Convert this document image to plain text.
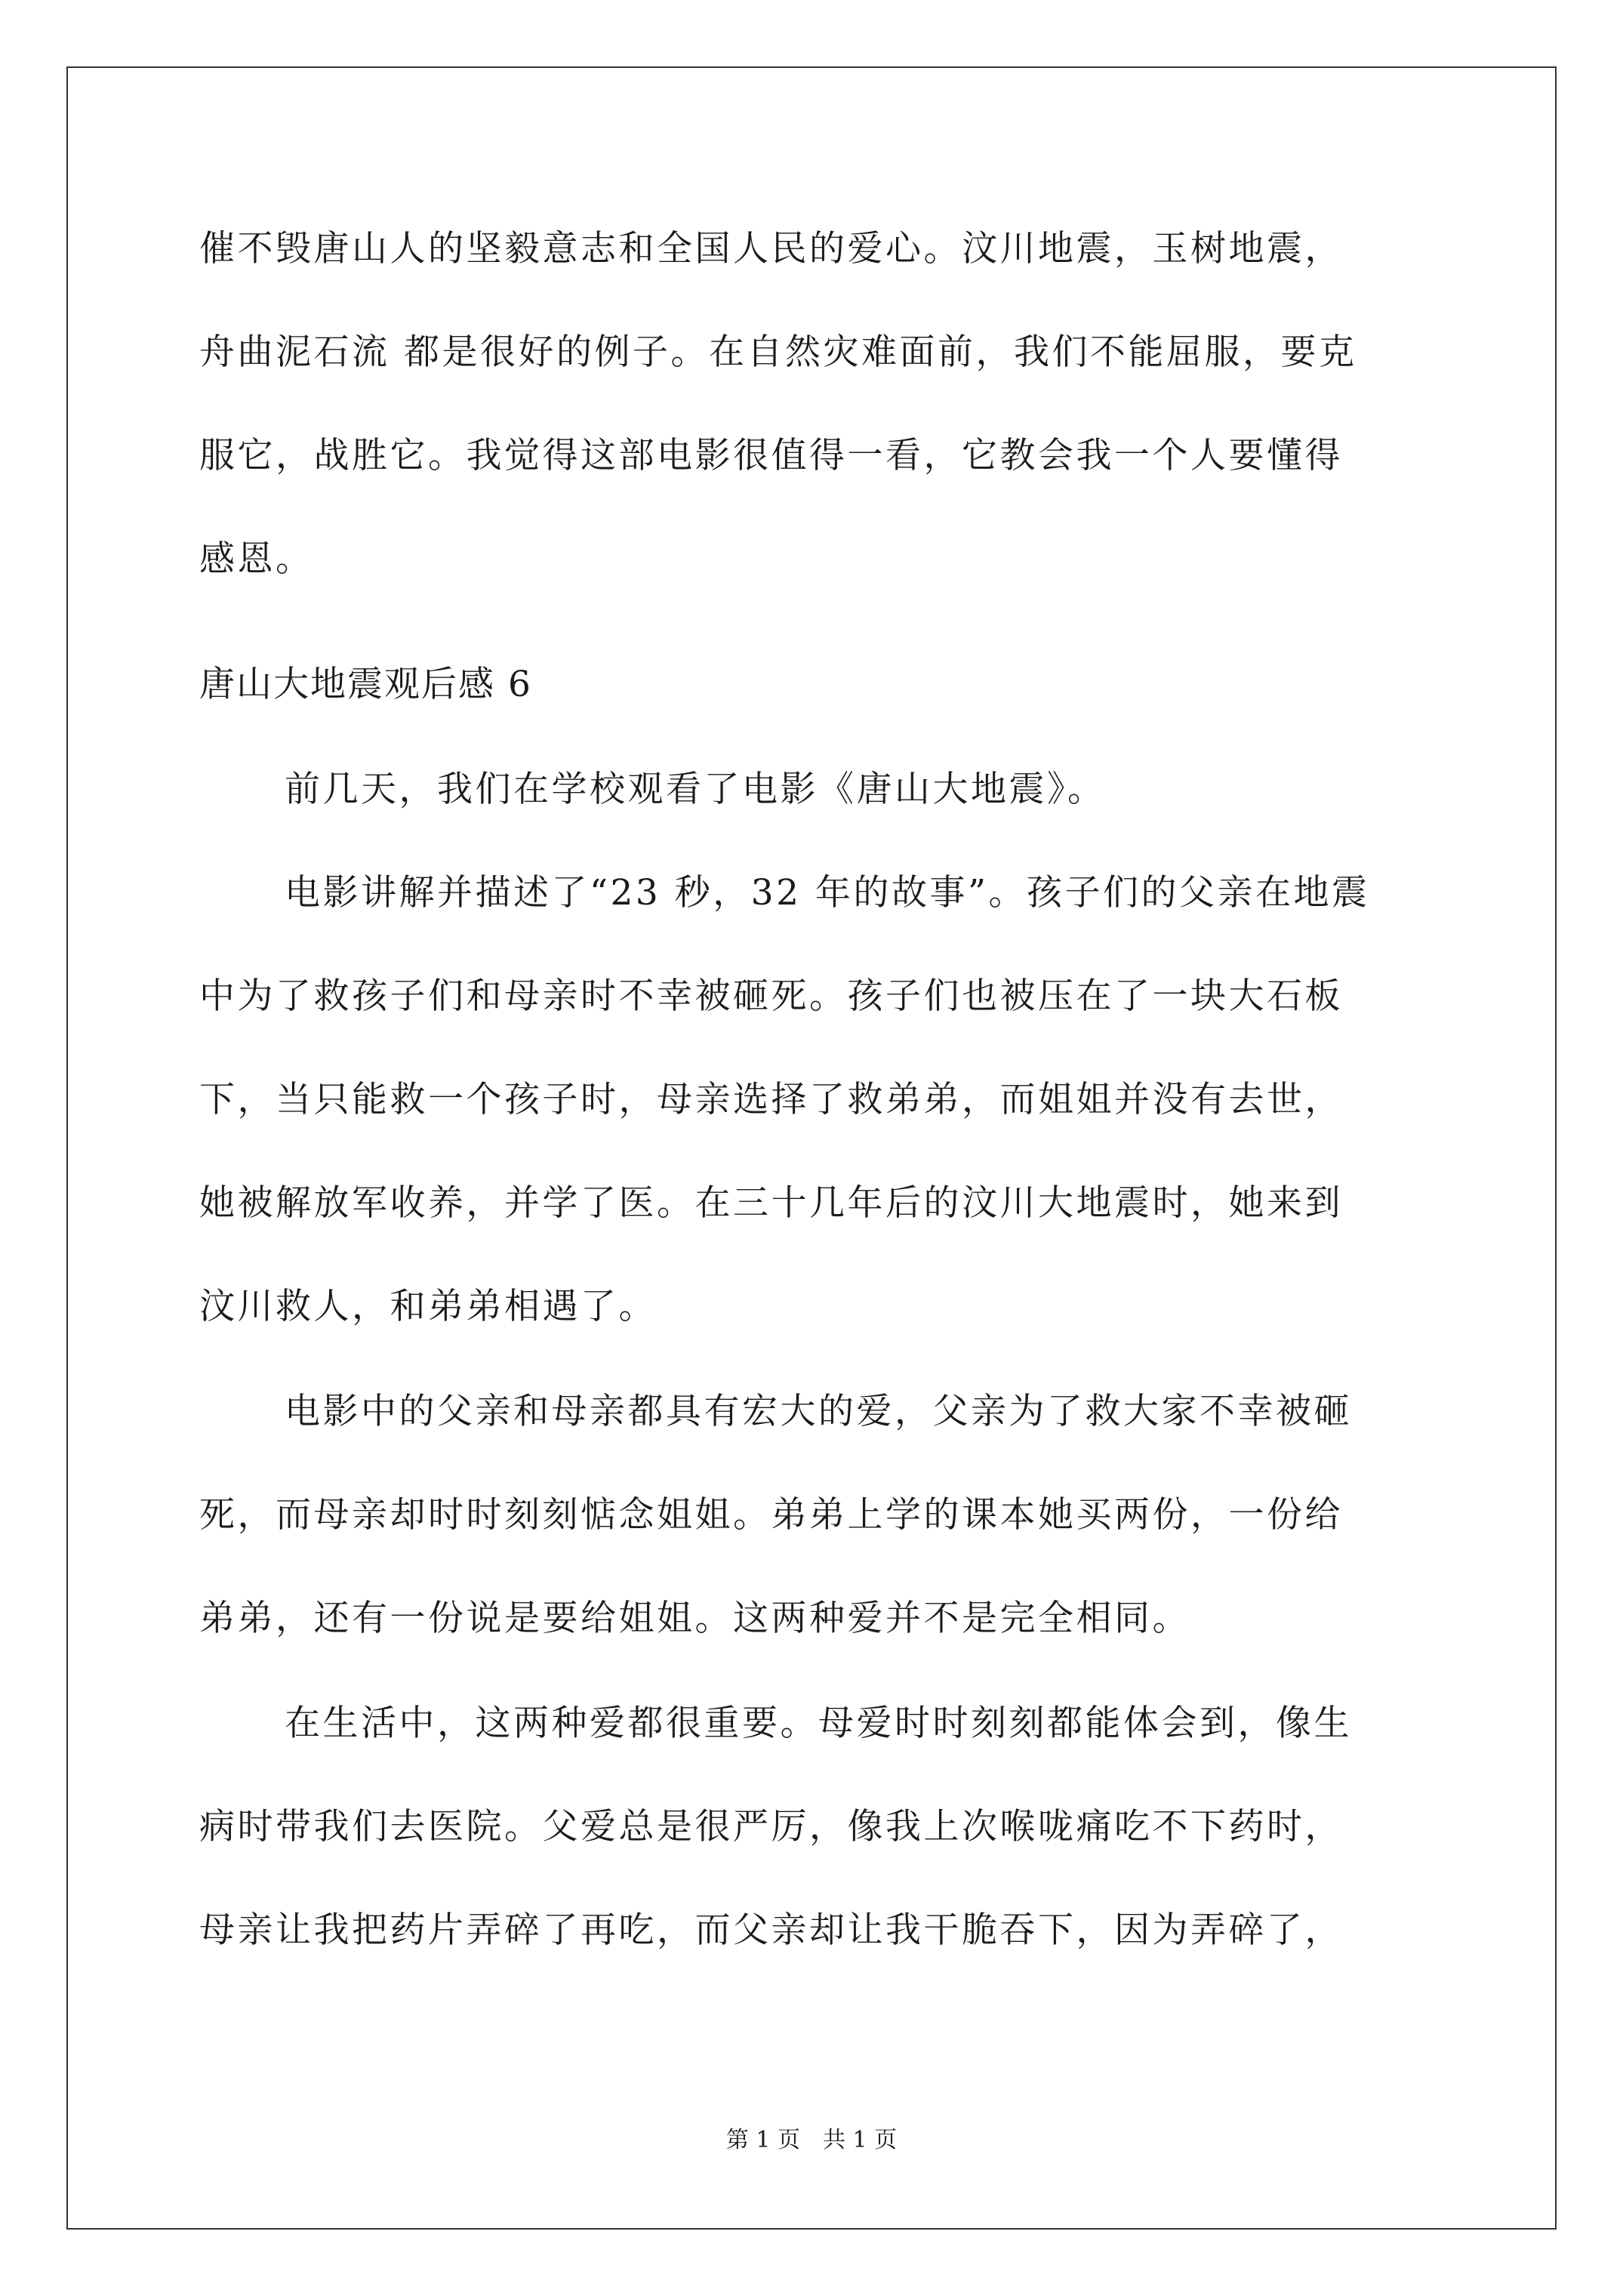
催不毁唐山人的坚毅意志和全国人民的爱心。汶川地震，玉树地震，
舟曲泥石流 都是很好的例子。在自然灾难面前，我们不能屈服，要克
服它，战胜它。我觉得这部电影很值得一看，它教会我一个人要懂得
感恩。
唐山大地震观后感 6
前几天，我们在学校观看了电影《唐山大地震》。
电影讲解并描述了“23 秒，32 年的故事”。孩子们的父亲在地震
中为了救孩子们和母亲时不幸被砸死。孩子们也被压在了一块大石板
下，当只能救一个孩子时，母亲选择了救弟弟，而姐姐并没有去世，
她被解放军收养，并学了医。在三十几年后的汶川大地震时，她来到
汶川救人，和弟弟相遇了。
电影中的父亲和母亲都具有宏大的爱，父亲为了救大家不幸被砸
死，而母亲却时时刻刻惦念姐姐。弟弟上学的课本她买两份，一份给
弟弟，还有一份说是要给姐姐。这两种爱并不是完全相同。
在生活中，这两种爱都很重要。母爱时时刻刻都能体会到，像生
病时带我们去医院。父爱总是很严厉，像我上次喉咙痛吃不下药时，
母亲让我把药片弄碎了再吃，而父亲却让我干脆吞下，因为弄碎了，
第 1 页 共 1 页
